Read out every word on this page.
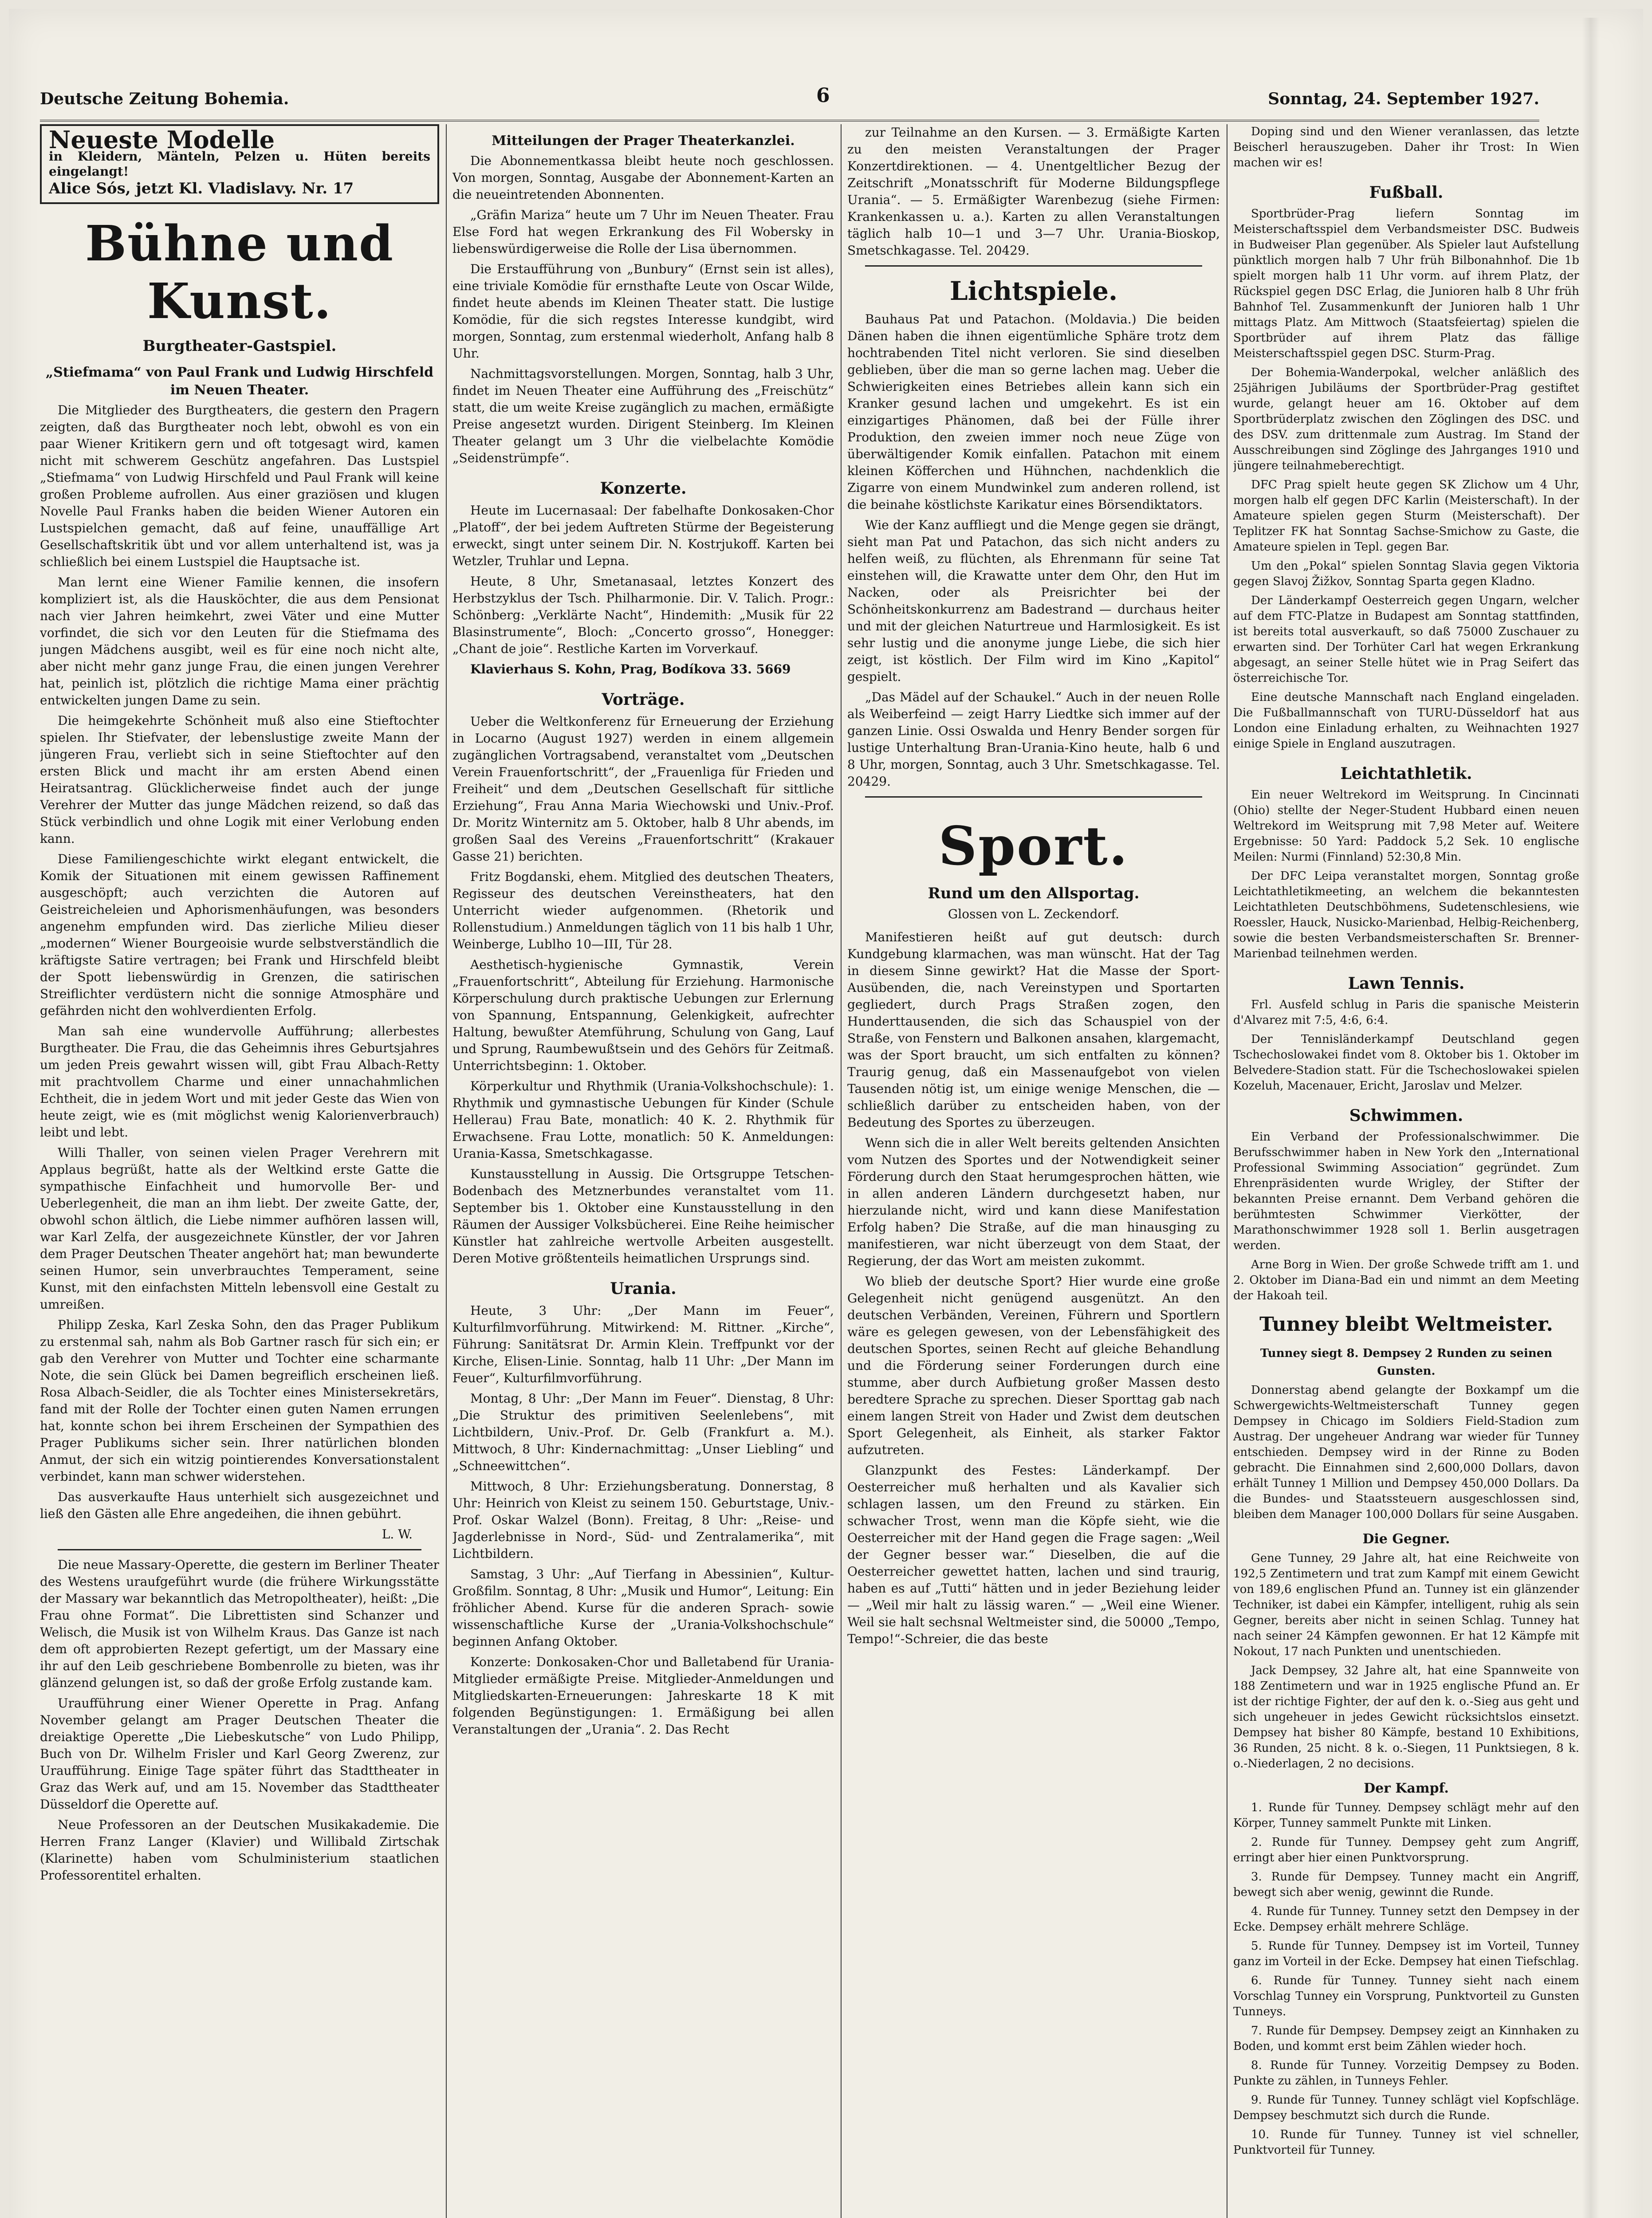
Deutsche Zeitung Bohemia.	6	Sonntag, 24. September 1927.
Neueste Modelle
in Kleidern, Mänteln, Pelzen u. Hüten bereits eingelangt!
Alice Sós, jetzt Kl. Vladislavy. Nr. 17
Bühne und Kunst.
Burgtheater-Gastspiel.
„Stiefmama“ von Paul Frank und Ludwig Hirschfeld im Neuen Theater.

Die Mitglieder des Burgtheaters, die gestern den Pragern zeigten, daß das Burgtheater noch lebt, obwohl es von ein paar Wiener Kritikern gern und oft totgesagt wird, kamen nicht mit schwerem Geschütz angefahren. Das Lustspiel „Stiefmama“ von Ludwig Hirschfeld und Paul Frank will keine großen Probleme aufrollen. Aus einer graziösen und klugen Novelle Paul Franks haben die beiden Wiener Autoren ein Lustspielchen gemacht, daß auf feine, unauffällige Art Gesellschaftskritik übt und vor allem unterhaltend ist, was ja schließlich bei einem Lustspiel die Hauptsache ist.

Man lernt eine Wiener Familie kennen, die insofern kompliziert ist, als die Hausköchter, die aus dem Pensionat nach vier Jahren heimkehrt, zwei Väter und eine Mutter vorfindet, die sich vor den Leuten für die Stiefmama des jungen Mädchens ausgibt, weil es für eine noch nicht alte, aber nicht mehr ganz junge Frau, die einen jungen Verehrer hat, peinlich ist, plötzlich die richtige Mama einer prächtig entwickelten jungen Dame zu sein.

Die heimgekehrte Schönheit muß also eine Stieftochter spielen. Ihr Stiefvater, der lebenslustige zweite Mann der jüngeren Frau, verliebt sich in seine Stieftochter auf den ersten Blick und macht ihr am ersten Abend einen Heiratsantrag. Glücklicherweise findet auch der junge Verehrer der Mutter das junge Mädchen reizend, so daß das Stück verbindlich und ohne Logik mit einer Verlobung enden kann.

Diese Familiengeschichte wirkt elegant entwickelt, die Komik der Situationen mit einem gewissen Raffinement ausgeschöpft; auch verzichten die Autoren auf Geistreicheleien und Aphorismenhäufungen, was besonders angenehm empfunden wird. Das zierliche Milieu dieser „modernen“ Wiener Bourgeoisie wurde selbstverständlich die kräftigste Satire vertragen; bei Frank und Hirschfeld bleibt der Spott liebenswürdig in Grenzen, die satirischen Streiflichter verdüstern nicht die sonnige Atmosphäre und gefährden nicht den wohlverdienten Erfolg.

Man sah eine wundervolle Aufführung; allerbestes Burgtheater. Die Frau, die das Geheimnis ihres Geburtsjahres um jeden Preis gewahrt wissen will, gibt Frau Albach-Retty mit prachtvollem Charme und einer unnachahmlichen Echtheit, die in jedem Wort und mit jeder Geste das Wien von heute zeigt, wie es (mit möglichst wenig Kalorienverbrauch) leibt und lebt.

Willi Thaller, von seinen vielen Prager Verehrern mit Applaus begrüßt, hatte als der Weltkind erste Gatte die sympathische Einfachheit und humorvolle Ber- und Ueberlegenheit, die man an ihm liebt. Der zweite Gatte, der, obwohl schon ältlich, die Liebe nimmer aufhören lassen will, war Karl Zelfa, der ausgezeichnete Künstler, der vor Jahren dem Prager Deutschen Theater angehört hat; man bewunderte seinen Humor, sein unverbrauchtes Temperament, seine Kunst, mit den einfachsten Mitteln lebensvoll eine Gestalt zu umreißen.

Philipp Zeska, Karl Zeska Sohn, den das Prager Publikum zu erstenmal sah, nahm als Bob Gartner rasch für sich ein; er gab den Verehrer von Mutter und Tochter eine scharmante Note, die sein Glück bei Damen begreiflich erscheinen ließ. Rosa Albach-Seidler, die als Tochter eines Ministersekretärs, fand mit der Rolle der Tochter einen guten Namen errungen hat, konnte schon bei ihrem Erscheinen der Sympathien des Prager Publikums sicher sein. Ihrer natürlichen blonden Anmut, der sich ein witzig pointierendes Konversationstalent verbindet, kann man schwer widerstehen.

Das ausverkaufte Haus unterhielt sich ausgezeichnet und ließ den Gästen alle Ehre angedeihen, die ihnen gebührt.

L. W.

Die neue Massary-Operette, die gestern im Berliner Theater des Westens uraufgeführt wurde (die frühere Wirkungsstätte der Massary war bekanntlich das Metropoltheater), heißt: „Die Frau ohne Format“. Die Librettisten sind Schanzer und Welisch, die Musik ist von Wilhelm Kraus. Das Ganze ist nach dem oft approbierten Rezept gefertigt, um der Massary eine ihr auf den Leib geschriebene Bombenrolle zu bieten, was ihr glänzend gelungen ist, so daß der große Erfolg zustande kam.

Uraufführung einer Wiener Operette in Prag. Anfang November gelangt am Prager Deutschen Theater die dreiaktige Operette „Die Liebeskutsche“ von Ludo Philipp, Buch von Dr. Wilhelm Frisler und Karl Georg Zwerenz, zur Uraufführung. Einige Tage später führt das Stadttheater in Graz das Werk auf, und am 15. November das Stadttheater Düsseldorf die Operette auf.

Neue Professoren an der Deutschen Musikakademie. Die Herren Franz Langer (Klavier) und Willibald Zirtschak (Klarinette) haben vom Schulministerium staatlichen Professorentitel erhalten.

Mitteilungen der Prager Theaterkanzlei.

Die Abonnementkassa bleibt heute noch geschlossen. Von morgen, Sonntag, Ausgabe der Abonnement-Karten an die neueintretenden Abonnenten.

„Gräfin Mariza“ heute um 7 Uhr im Neuen Theater. Frau Else Ford hat wegen Erkrankung des Fil Wobersky in liebenswürdigerweise die Rolle der Lisa übernommen.

Die Erstaufführung von „Bunbury“ (Ernst sein ist alles), eine triviale Komödie für ernsthafte Leute von Oscar Wilde, findet heute abends im Kleinen Theater statt. Die lustige Komödie, für die sich regstes Interesse kundgibt, wird morgen, Sonntag, zum erstenmal wiederholt, Anfang halb 8 Uhr.

Nachmittagsvorstellungen. Morgen, Sonntag, halb 3 Uhr, findet im Neuen Theater eine Aufführung des „Freischütz“ statt, die um weite Kreise zugänglich zu machen, ermäßigte Preise angesetzt wurden. Dirigent Steinberg. Im Kleinen Theater gelangt um 3 Uhr die vielbelachte Komödie „Seidenstrümpfe“.

Konzerte.

Heute im Lucernasaal: Der fabelhafte Donkosaken-Chor „Platoff“, der bei jedem Auftreten Stürme der Begeisterung erweckt, singt unter seinem Dir. N. Kostrjukoff. Karten bei Wetzler, Truhlar und Lepna.

Heute, 8 Uhr, Smetanasaal, letztes Konzert des Herbstzyklus der Tsch. Philharmonie. Dir. V. Talich. Progr.: Schönberg: „Verklärte Nacht“, Hindemith: „Musik für 22 Blasinstrumente“, Bloch: „Concerto grosso“, Honegger: „Chant de joie“. Restliche Karten im Vorverkauf.

Klavierhaus S. Kohn, Prag, Bodíkova 33. 5669

Vorträge.

Ueber die Weltkonferenz für Erneuerung der Erziehung in Locarno (August 1927) werden in einem allgemein zugänglichen Vortragsabend, veranstaltet vom „Deutschen Verein Frauenfortschritt“, der „Frauenliga für Frieden und Freiheit“ und dem „Deutschen Gesellschaft für sittliche Erziehung“, Frau Anna Maria Wiechowski und Univ.-Prof. Dr. Moritz Winternitz am 5. Oktober, halb 8 Uhr abends, im großen Saal des Vereins „Frauenfortschritt“ (Krakauer Gasse 21) berichten.

Fritz Bogdanski, ehem. Mitglied des deutschen Theaters, Regisseur des deutschen Vereinstheaters, hat den Unterricht wieder aufgenommen. (Rhetorik und Rollenstudium.) Anmeldungen täglich von 11 bis halb 1 Uhr, Weinberge, Lublho 10—III, Tür 28.

Aesthetisch-hygienische Gymnastik, Verein „Frauenfortschritt“, Abteilung für Erziehung. Harmonische Körperschulung durch praktische Uebungen zur Erlernung von Spannung, Entspannung, Gelenkigkeit, aufrechter Haltung, bewußter Atemführung, Schulung von Gang, Lauf und Sprung, Raumbewußtsein und des Gehörs für Zeitmaß. Unterrichtsbeginn: 1. Oktober.

Körperkultur und Rhythmik (Urania-Volkshochschule): 1. Rhythmik und gymnastische Uebungen für Kinder (Schule Hellerau) Frau Bate, monatlich: 40 K. 2. Rhythmik für Erwachsene. Frau Lotte, monatlich: 50 K. Anmeldungen: Urania-Kassa, Smetschkagasse.

Kunstausstellung in Aussig. Die Ortsgruppe Tetschen-Bodenbach des Metznerbundes veranstaltet vom 11. September bis 1. Oktober eine Kunstausstellung in den Räumen der Aussiger Volksbücherei. Eine Reihe heimischer Künstler hat zahlreiche wertvolle Arbeiten ausgestellt. Deren Motive größtenteils heimatlichen Ursprungs sind.

Urania.

Heute, 3 Uhr: „Der Mann im Feuer“, Kulturfilmvorführung. Mitwirkend: M. Rittner. „Kirche“, Führung: Sanitätsrat Dr. Armin Klein. Treffpunkt vor der Kirche, Elisen-Linie. Sonntag, halb 11 Uhr: „Der Mann im Feuer“, Kulturfilmvorführung.

Montag, 8 Uhr: „Der Mann im Feuer“. Dienstag, 8 Uhr: „Die Struktur des primitiven Seelenlebens“, mit Lichtbildern, Univ.-Prof. Dr. Gelb (Frankfurt a. M.). Mittwoch, 8 Uhr: Kindernachmittag: „Unser Liebling“ und „Schneewittchen“.

Mittwoch, 8 Uhr: Erziehungsberatung. Donnerstag, 8 Uhr: Heinrich von Kleist zu seinem 150. Geburtstage, Univ.-Prof. Oskar Walzel (Bonn). Freitag, 8 Uhr: „Reise- und Jagderlebnisse in Nord-, Süd- und Zentralamerika“, mit Lichtbildern.

Samstag, 3 Uhr: „Auf Tierfang in Abessinien“, Kultur-Großfilm. Sonntag, 8 Uhr: „Musik und Humor“, Leitung: Ein fröhlicher Abend. Kurse für die anderen Sprach- sowie wissenschaftliche Kurse der „Urania-Volkshochschule“ beginnen Anfang Oktober.

Konzerte: Donkosaken-Chor und Balletabend für Urania-Mitglieder ermäßigte Preise. Mitglieder-Anmeldungen und Mitgliedskarten-Erneuerungen: Jahreskarte 18 K mit folgenden Begünstigungen: 1. Ermäßigung bei allen Veranstaltungen der „Urania“. 2. Das Recht

zur Teilnahme an den Kursen. — 3. Ermäßigte Karten zu den meisten Veranstaltungen der Prager Konzertdirektionen. — 4. Unentgeltlicher Bezug der Zeitschrift „Monatsschrift für Moderne Bildungspflege Urania“. — 5. Ermäßigter Warenbezug (siehe Firmen: Krankenkassen u. a.). Karten zu allen Veranstaltungen täglich halb 10—1 und 3—7 Uhr. Urania-Bioskop, Smetschkagasse. Tel. 20429.

Lichtspiele.

Bauhaus Pat und Patachon. (Moldavia.) Die beiden Dänen haben die ihnen eigentümliche Sphäre trotz dem hochtrabenden Titel nicht verloren. Sie sind dieselben geblieben, über die man so gerne lachen mag. Ueber die Schwierigkeiten eines Betriebes allein kann sich ein Kranker gesund lachen und umgekehrt. Es ist ein einzigartiges Phänomen, daß bei der Fülle ihrer Produktion, den zweien immer noch neue Züge von überwältigender Komik einfallen. Patachon mit einem kleinen Köfferchen und Hühnchen, nachdenklich die Zigarre von einem Mundwinkel zum anderen rollend, ist die beinahe köstlichste Karikatur eines Börsendiktators.

Wie der Kanz auffliegt und die Menge gegen sie drängt, sieht man Pat und Patachon, das sich nicht anders zu helfen weiß, zu flüchten, als Ehrenmann für seine Tat einstehen will, die Krawatte unter dem Ohr, den Hut im Nacken, oder als Preisrichter bei der Schönheitskonkurrenz am Badestrand — durchaus heiter und mit der gleichen Naturtreue und Harmlosigkeit. Es ist sehr lustig und die anonyme junge Liebe, die sich hier zeigt, ist köstlich. Der Film wird im Kino „Kapitol“ gespielt.

„Das Mädel auf der Schaukel.“ Auch in der neuen Rolle als Weiberfeind — zeigt Harry Liedtke sich immer auf der ganzen Linie. Ossi Oswalda und Henry Bender sorgen für lustige Unterhaltung Bran-Urania-Kino heute, halb 6 und 8 Uhr, morgen, Sonntag, auch 3 Uhr. Smetschkagasse. Tel. 20429.

Sport.
Rund um den Allsportag.
Glossen von L. Zeckendorf.

Manifestieren heißt auf gut deutsch: durch Kundgebung klarmachen, was man wünscht. Hat der Tag in diesem Sinne gewirkt? Hat die Masse der Sport-Ausübenden, die, nach Vereinstypen und Sportarten gegliedert, durch Prags Straßen zogen, den Hunderttausenden, die sich das Schauspiel von der Straße, von Fenstern und Balkonen ansahen, klargemacht, was der Sport braucht, um sich entfalten zu können? Traurig genug, daß ein Massenaufgebot von vielen Tausenden nötig ist, um einige wenige Menschen, die — schließlich darüber zu entscheiden haben, von der Bedeutung des Sportes zu überzeugen.

Wenn sich die in aller Welt bereits geltenden Ansichten vom Nutzen des Sportes und der Notwendigkeit seiner Förderung durch den Staat herumgesprochen hätten, wie in allen anderen Ländern durchgesetzt haben, nur hierzulande nicht, wird und kann diese Manifestation Erfolg haben? Die Straße, auf die man hinausging zu manifestieren, war nicht überzeugt von dem Staat, der Regierung, der das Wort am meisten zukommt.

Wo blieb der deutsche Sport? Hier wurde eine große Gelegenheit nicht genügend ausgenützt. An den deutschen Verbänden, Vereinen, Führern und Sportlern wäre es gelegen gewesen, von der Lebensfähigkeit des deutschen Sportes, seinen Recht auf gleiche Behandlung und die Förderung seiner Forderungen durch eine stumme, aber durch Aufbietung großer Massen desto beredtere Sprache zu sprechen. Dieser Sporttag gab nach einem langen Streit von Hader und Zwist dem deutschen Sport Gelegenheit, als Einheit, als starker Faktor aufzutreten.

Glanzpunkt des Festes: Länderkampf. Der Oesterreicher muß herhalten und als Kavalier sich schlagen lassen, um den Freund zu stärken. Ein schwacher Trost, wenn man die Köpfe sieht, wie die Oesterreicher mit der Hand gegen die Frage sagen: „Weil der Gegner besser war.“ Dieselben, die auf die Oesterreicher gewettet hatten, lachen und sind traurig, haben es auf „Tutti“ hätten und in jeder Beziehung leider — „Weil mir halt zu lässig waren.“ — „Weil eine Wiener. Weil sie halt sechsnal Weltmeister sind, die 50000 „Tempo, Tempo!“-Schreier, die das beste

Doping sind und den Wiener veranlassen, das letzte Beischerl herauszugeben. Daher ihr Trost: In Wien machen wir es!

Fußball.

Sportbrüder-Prag liefern Sonntag im Meisterschaftsspiel dem Verbandsmeister DSC. Budweis in Budweiser Plan gegenüber. Als Spieler laut Aufstellung pünktlich morgen halb 7 Uhr früh Bilbonahnhof. Die 1b spielt morgen halb 11 Uhr vorm. auf ihrem Platz, der Rückspiel gegen DSC Erlag, die Junioren halb 8 Uhr früh Bahnhof Tel. Zusammenkunft der Junioren halb 1 Uhr mittags Platz. Am Mittwoch (Staatsfeiertag) spielen die Sportbrüder auf ihrem Platz das fällige Meisterschaftsspiel gegen DSC. Sturm-Prag.

Der Bohemia-Wanderpokal, welcher anläßlich des 25jährigen Jubiläums der Sportbrüder-Prag gestiftet wurde, gelangt heuer am 16. Oktober auf dem Sportbrüderplatz zwischen den Zöglingen des DSC. und des DSV. zum drittenmale zum Austrag. Im Stand der Ausschreibungen sind Zöglinge des Jahrganges 1910 und jüngere teilnahmeberechtigt.

DFC Prag spielt heute gegen SK Zlichow um 4 Uhr, morgen halb elf gegen DFC Karlin (Meisterschaft). In der Amateure spielen gegen Sturm (Meisterschaft). Der Teplitzer FK hat Sonntag Sachse-Smichow zu Gaste, die Amateure spielen in Tepl. gegen Bar.

Um den „Pokal“ spielen Sonntag Slavia gegen Viktoria gegen Slavoj Žižkov, Sonntag Sparta gegen Kladno.

Der Länderkampf Oesterreich gegen Ungarn, welcher auf dem FTC-Platze in Budapest am Sonntag stattfinden, ist bereits total ausverkauft, so daß 75000 Zuschauer zu erwarten sind. Der Torhüter Carl hat wegen Erkrankung abgesagt, an seiner Stelle hütet wie in Prag Seifert das österreichische Tor.

Eine deutsche Mannschaft nach England eingeladen. Die Fußballmannschaft von TURU-Düsseldorf hat aus London eine Einladung erhalten, zu Weihnachten 1927 einige Spiele in England auszutragen.

Leichtathletik.

Ein neuer Weltrekord im Weitsprung. In Cincinnati (Ohio) stellte der Neger-Student Hubbard einen neuen Weltrekord im Weitsprung mit 7,98 Meter auf. Weitere Ergebnisse: 50 Yard: Paddock 5,2 Sek. 10 englische Meilen: Nurmi (Finnland) 52:30,8 Min.

Der DFC Leipa veranstaltet morgen, Sonntag große Leichtathletikmeeting, an welchem die bekanntesten Leichtathleten Deutschböhmens, Sudetenschlesiens, wie Roessler, Hauck, Nusicko-Marienbad, Helbig-Reichenberg, sowie die besten Verbandsmeisterschaften Sr. Brenner-Marienbad teilnehmen werden.

Lawn Tennis.

Frl. Ausfeld schlug in Paris die spanische Meisterin d'Alvarez mit 7:5, 4:6, 6:4.

Der Tennisländerkampf Deutschland gegen Tschechoslowakei findet vom 8. Oktober bis 1. Oktober im Belvedere-Stadion statt. Für die Tschechoslowakei spielen Kozeluh, Macenauer, Ericht, Jaroslav und Melzer.

Schwimmen.

Ein Verband der Professionalschwimmer. Die Berufsschwimmer haben in New York den „International Professional Swimming Association“ gegründet. Zum Ehrenpräsidenten wurde Wrigley, der Stifter der bekannten Preise ernannt. Dem Verband gehören die berühmtesten Schwimmer Vierkötter, der Marathonschwimmer 1928 soll 1. Berlin ausgetragen werden.

Arne Borg in Wien. Der große Schwede trifft am 1. und 2. Oktober im Diana-Bad ein und nimmt an dem Meeting der Hakoah teil.

Tunney bleibt Weltmeister.
Tunney siegt 8. Dempsey 2 Runden zu seinen Gunsten.

Donnerstag abend gelangte der Boxkampf um die Schwergewichts-Weltmeisterschaft Tunney gegen Dempsey in Chicago im Soldiers Field-Stadion zum Austrag. Der ungeheuer Andrang war wieder für Tunney entschieden. Dempsey wird in der Rinne zu Boden gebracht. Die Einnahmen sind 2,600,000 Dollars, davon erhält Tunney 1 Million und Dempsey 450,000 Dollars. Da die Bundes- und Staatssteuern ausgeschlossen sind, bleiben dem Manager 100,000 Dollars für seine Ausgaben.

Die Gegner.

Gene Tunney, 29 Jahre alt, hat eine Reichweite von 192,5 Zentimetern und trat zum Kampf mit einem Gewicht von 189,6 englischen Pfund an. Tunney ist ein glänzender Techniker, ist dabei ein Kämpfer, intelligent, ruhig als sein Gegner, bereits aber nicht in seinen Schlag. Tunney hat nach seiner 24 Kämpfen gewonnen. Er hat 12 Kämpfe mit Nokout, 17 nach Punkten und unentschieden.

Jack Dempsey, 32 Jahre alt, hat eine Spannweite von 188 Zentimetern und war in 1925 englische Pfund an. Er ist der richtige Fighter, der auf den k. o.-Sieg aus geht und sich ungeheuer in jedes Gewicht rücksichtslos einsetzt. Dempsey hat bisher 80 Kämpfe, bestand 10 Exhibitions, 36 Runden, 25 nicht. 8 k. o.-Siegen, 11 Punktsiegen, 8 k. o.-Niederlagen, 2 no decisions.

Der Kampf.

1. Runde für Tunney. Dempsey schlägt mehr auf den Körper, Tunney sammelt Punkte mit Linken.

2. Runde für Tunney. Dempsey geht zum Angriff, erringt aber hier einen Punktvorsprung.

3. Runde für Dempsey. Tunney macht ein Angriff, bewegt sich aber wenig, gewinnt die Runde.

4. Runde für Tunney. Tunney setzt den Dempsey in der Ecke. Dempsey erhält mehrere Schläge.

5. Runde für Tunney. Dempsey ist im Vorteil, Tunney ganz im Vorteil in der Ecke. Dempsey hat einen Tiefschlag.

6. Runde für Tunney. Tunney sieht nach einem Vorschlag Tunney ein Vorsprung, Punktvorteil zu Gunsten Tunneys.

7. Runde für Dempsey. Dempsey zeigt an Kinnhaken zu Boden, und kommt erst beim Zählen wieder hoch.

8. Runde für Tunney. Vorzeitig Dempsey zu Boden. Punkte zu zählen, in Tunneys Fehler.

9. Runde für Tunney. Tunney schlägt viel Kopfschläge. Dempsey beschmutzt sich durch die Runde.

10. Runde für Tunney. Tunney ist viel schneller, Punktvorteil für Tunney.
